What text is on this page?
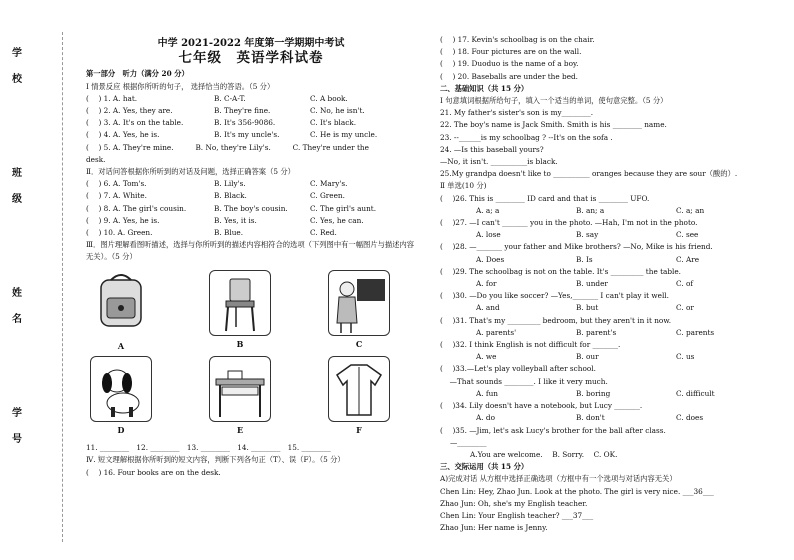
学
校
班
级
姓
名
学
号
中学 2021-2022 年度第一学期期中考试
七年级　英语学科试卷
第一部分　听力（满分 20 分）
Ⅰ 情景反应 根据你所听的句子， 选择恰当的答语。（5 分）
(　 ) 1. A. hat.	B. C-A-T.	C. A book.
(　 ) 2. A. Yes, they are.	B. They're fine.	C. No, he isn't.
(　 ) 3. A. It's on the table.	B. It's 356-9086.	C. It's black.
(　 ) 4. A. Yes, he is.	B. It's my uncle's.	C. He is my uncle.
(　 ) 5. A. They're mine.　　　B. No, they're Lily's.　　　C. They're under the
desk.
Ⅱ．对话问答根据你所听到的对话及问题，选择正确答案（5 分）
(　 ) 6. A. Tom's.	B. Lily's.	C. Mary's.
(　 ) 7. A. White.	B. Black.	C. Green.
(　 ) 8. A. The girl's cousin.	B. The boy's cousin.	C. The girl's aunt.
(　 ) 9. A. Yes, he is.	B. Yes, it is.	C. Yes, he can.
(　 ) 10. A. Green.	B. Blue.	C. Red.
Ⅲ．图片理解看图听描述，选择与你所听到的描述内容相符合的选项（下列图中有一幅图片与描述内容无关）。（5 分）
A	B	C
D	E	F
11. ________　12. ________　13. ________　14. ________　15. ________
Ⅳ. 短文理解根据你所听到的短文内容，判断下列各句正（T）、误（F）。（5 分）
(　 ) 16. Four books are on the desk.
(　 ) 17. Kevin's schoolbag is on the chair.
(　 ) 18. Four pictures are on the wall.
(　 ) 19. Duoduo is the name of a boy.
(　 ) 20. Baseballs are under the bed.
二、基础知识（共 15 分）
Ⅰ 句意填词根据所给句子，填入一个适当的单词，使句意完整。（5 分）
21. My father's sister's son is my________.
22. The boy's name is Jack Smith. Smith is his ________ name.
23. --______is my schoolbag ? --It's on the sofa .
24. —Is this baseball yours?
—No, it isn't. __________is black.
25.My grandpa doesn't like to __________ oranges because they are sour（酸的）.
Ⅱ 单选(10 分)
(　 )26. This is ________ ID card and that is ________ UFO.
A. a; a	B. an; a	C. a; an
(　 )27. —I can't _______ you in the photo. —Hah, I'm not in the photo.
A. lose	B. say	C. see
(　 )28. —_______ your father and Mike brothers? —No, Mike is his friend.
A. Does	B. Is	C. Are
(　 )29. The schoolbag is not on the table. It's _________ the table.
A. for	B. under	C. of
(　 )30. —Do you like soccer? —Yes,_______ I can't play it well.
A. and	B. but	C. or
(　 )31. That's my _________ bedroom, but they aren't in it now.
A. parents'	B. parent's	C. parents
(　 )32. I think English is not difficult for _______.
A. we	B. our	C. us
(　 )33.—Let's play volleyball after school.
　 —That sounds ________. I like it very much.
A. fun	B. boring	C. difficult
(　 )34. Lily doesn't have a notebook, but Lucy _______.
A. do	B. don't	C. does
(　 )35. —Jim, let's ask Lucy's brother for the ball after class.
—________
A.You are welcome.　 B. Sorry.　 C. OK.
三、交际运用（共 15 分）
A)完成对话 从方框中选择正确选项（方框中有一个选项与对话内容无关）
Chen Lin: Hey, Zhao Jun. Look at the photo. The girl is very nice. ___36___
Zhao Jun: Oh, she's my English teacher.
Chen Lin: Your English teacher? ___37___
Zhao Jun: Her name is Jenny.
